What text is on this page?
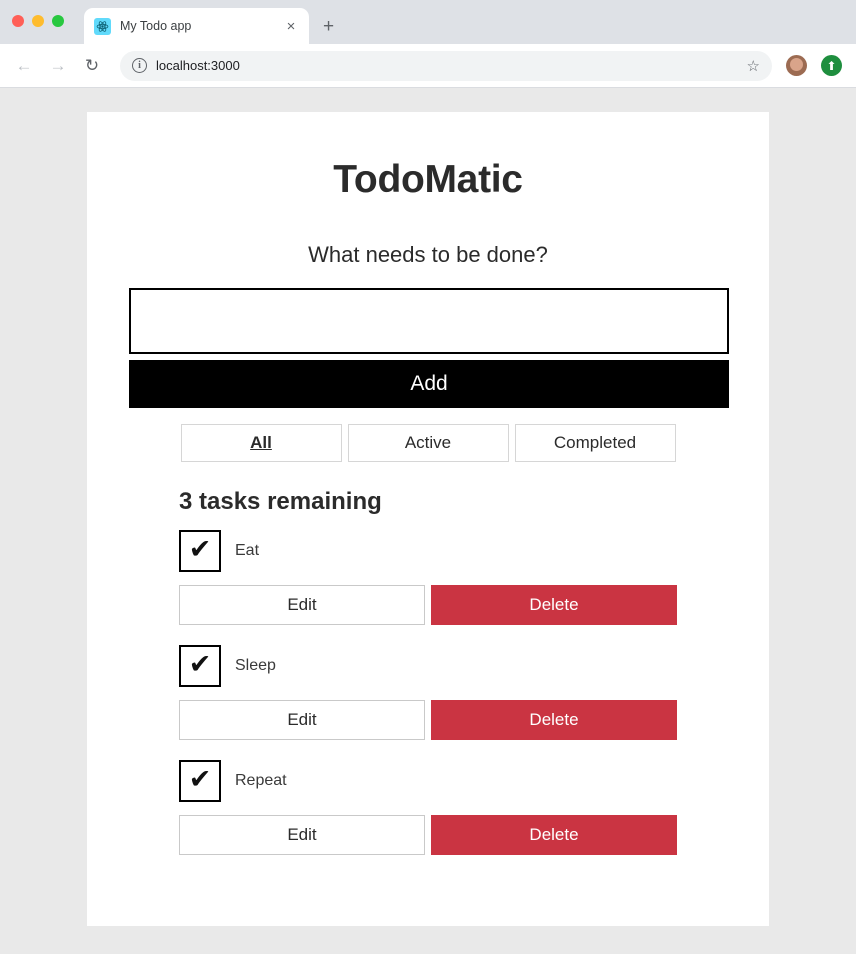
My Todo app	× +
← → ↻	i	localhost:3000	☆	⬆
TodoMatic
What needs to be done?
Add
All	Active	Completed
3 tasks remaining
✔ Eat
Edit	Delete
✔ Sleep
Edit	Delete
✔ Repeat
Edit	Delete
